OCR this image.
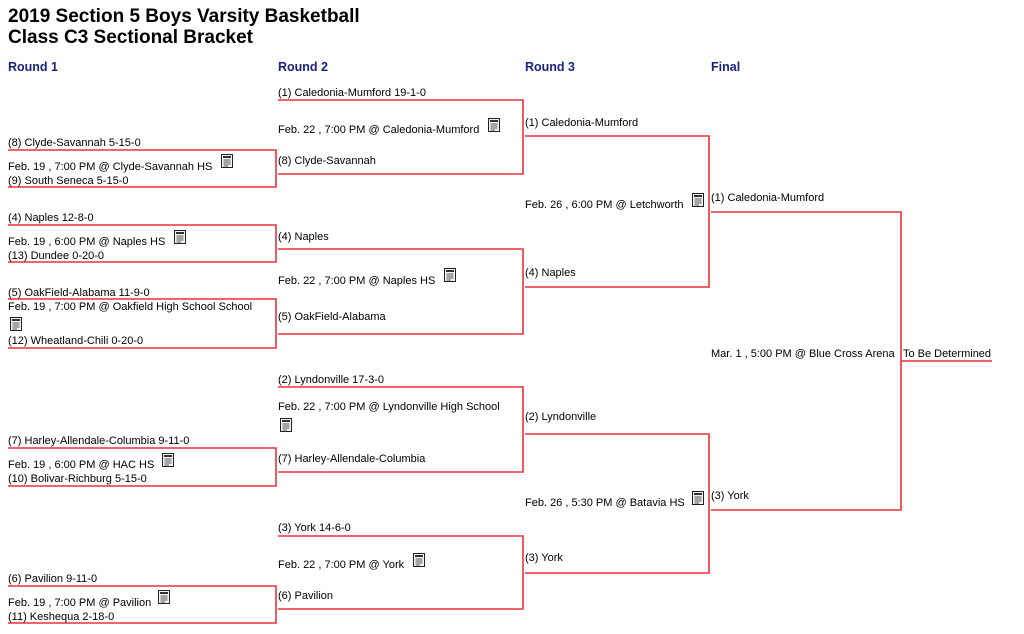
2019 Section 5 Boys Varsity Basketball
Class C3 Sectional Bracket
Round 1	Round 2	Round 3	Final
(8) Clyde-Savannah 5-15-0
Feb. 19 , 7:00 PM @ Clyde-Savannah HS
(9) South Seneca 5-15-0
(4) Naples 12-8-0
Feb. 19 , 6:00 PM @ Naples HS
(13) Dundee 0-20-0
(5) OakField-Alabama 11-9-0
Feb. 19 , 7:00 PM @ Oakfield High School School
(12) Wheatland-Chili 0-20-0
(7) Harley-Allendale-Columbia 9-11-0
Feb. 19 , 6:00 PM @ HAC HS
(10) Bolivar-Richburg 5-15-0
(6) Pavilion 9-11-0
Feb. 19 , 7:00 PM @ Pavilion
(11) Keshequa 2-18-0
(1) Caledonia-Mumford 19-1-0
Feb. 22 , 7:00 PM @ Caledonia-Mumford
(8) Clyde-Savannah
(4) Naples
Feb. 22 , 7:00 PM @ Naples HS
(5) OakField-Alabama
(2) Lyndonville 17-3-0
Feb. 22 , 7:00 PM @ Lyndonville High School
(7) Harley-Allendale-Columbia
(3) York 14-6-0
Feb. 22 , 7:00 PM @ York
(6) Pavilion
(1) Caledonia-Mumford
Feb. 26 , 6:00 PM @ Letchworth
(4) Naples
(2) Lyndonville
Feb. 26 , 5:30 PM @ Batavia HS
(3) York
(1) Caledonia-Mumford
Mar. 1 , 5:00 PM @ Blue Cross Arena
(3) York
To Be Determined
